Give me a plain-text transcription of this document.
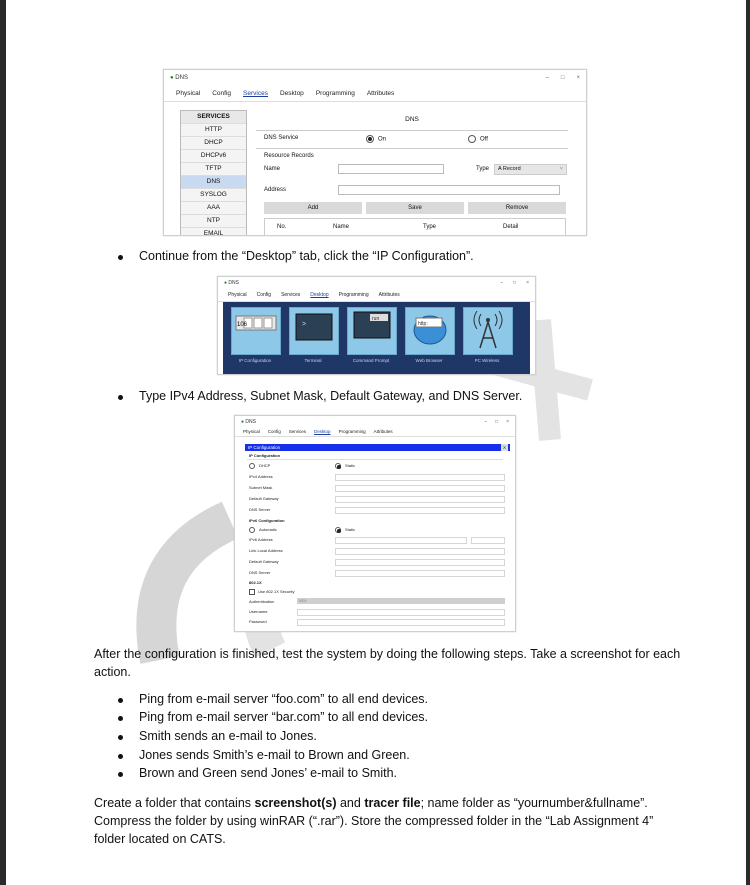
● DNS	– □ ×
Physical Config Services Desktop Programming Attributes
SERVICES
HTTP
DHCP
DHCPv6
TFTP
DNS
SYSLOG
AAA
NTP
EMAIL
DNS
DNS Service	On	Off
Resource Records
Name	Type	A Record	˅
Address
Add	Save	Remove
No.	Name	Type	Detail
Continue from the “Desktop” tab, click the “IP Configuration”.
● DNS	– □ ×
Physical Config Services Desktop Programming Attributes
106	>
run
http:
IP Configuration	Terminal	Command Prompt	Web Browser	PC Wireless
Type IPv4 Address, Subnet Mask, Default Gateway, and DNS Server.
● DNS	– □ ×
Physical Config Services Desktop Programming Attributes
IP Configuration	X
IP Configuration
DHCP	Static
IPv4 Address
Subnet Mask
Default Gateway
DNS Server
IPv6 Configuration
Automatic	Static
IPv6 Address
Link Local Address
Default Gateway
DNS Server
802.1X
Use 802.1X Security
Authentication	MD5
Username
Password
After the configuration is finished, test the system by doing the following steps. Take a screenshot for each action.
Ping from e-mail server “foo.com” to all end devices.
Ping from e-mail server “bar.com” to all end devices.
Smith sends an e-mail to Jones.
Jones sends Smith’s e-mail to Brown and Green.
Brown and Green send Jones’ e-mail to Smith.
Create a folder that contains screenshot(s) and tracer file; name folder as “yournumber&fullname”. Compress the folder by using winRAR (“.rar”). Store the compressed folder in the “Lab Assignment 4” folder located on CATS.
